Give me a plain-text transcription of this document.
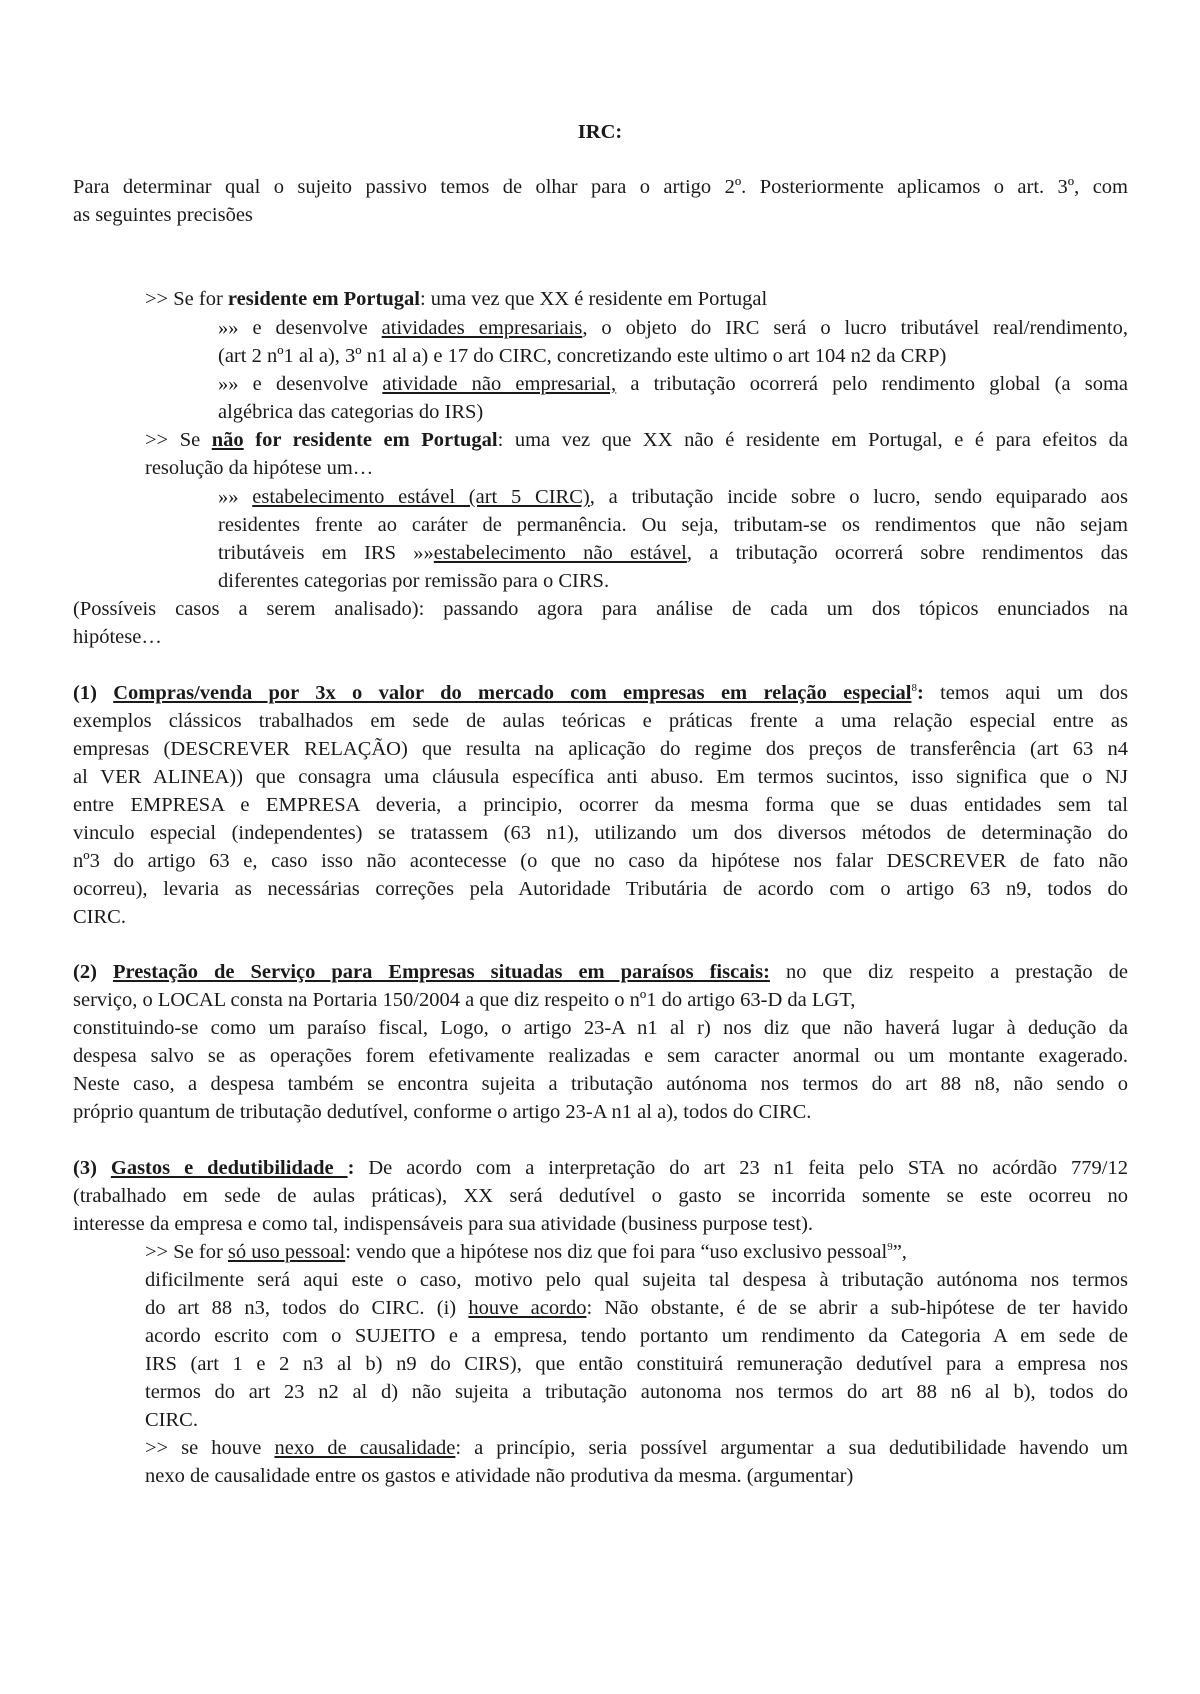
IRC:
Para determinar qual o sujeito passivo temos de olhar para o artigo 2º. Posteriormente aplicamos o art. 3º, com
as seguintes precisões
>> Se for residente em Portugal: uma vez que XX é residente em Portugal
»» e desenvolve atividades empresariais, o objeto do IRC será o lucro tributável real/rendimento,
(art 2 nº1 al a), 3º n1 al a) e 17 do CIRC, concretizando este ultimo o art 104 n2 da CRP)
»» e desenvolve atividade não empresarial, a tributação ocorrerá pelo rendimento global (a soma
algébrica das categorias do IRS)
>> Se não for residente em Portugal: uma vez que XX não é residente em Portugal, e é para efeitos da
resolução da hipótese um…
»» estabelecimento estável (art 5 CIRC), a tributação incide sobre o lucro, sendo equiparado aos
residentes frente ao caráter de permanência. Ou seja, tributam-se os rendimentos que não sejam
tributáveis em IRS »»estabelecimento não estável, a tributação ocorrerá sobre rendimentos das
diferentes categorias por remissão para o CIRS.
(Possíveis casos a serem analisado): passando agora para análise de cada um dos tópicos enunciados na
hipótese…
(1) Compras/venda por 3x o valor do mercado com empresas em relação especial$^8$: temos aqui um dos
exemplos clássicos trabalhados em sede de aulas teóricas e práticas frente a uma relação especial entre as
empresas (DESCREVER RELAÇÃO) que resulta na aplicação do regime dos preços de transferência (art 63 n4
al VER ALINEA)) que consagra uma cláusula específica anti abuso. Em termos sucintos, isso significa que o NJ
entre EMPRESA e EMPRESA deveria, a principio, ocorrer da mesma forma que se duas entidades sem tal
vinculo especial (independentes) se tratassem (63 n1), utilizando um dos diversos métodos de determinação do
nº3 do artigo 63 e, caso isso não acontecesse (o que no caso da hipótese nos falar DESCREVER de fato não
ocorreu), levaria as necessárias correções pela Autoridade Tributária de acordo com o artigo 63 n9, todos do
CIRC.
(2) Prestação de Serviço para Empresas situadas em paraísos fiscais: no que diz respeito a prestação de
serviço, o LOCAL consta na Portaria 150/2004 a que diz respeito o nº1 do artigo 63-D da LGT,
constituindo-se como um paraíso fiscal, Logo, o artigo 23-A n1 al r) nos diz que não haverá lugar à dedução da
despesa salvo se as operações forem efetivamente realizadas e sem caracter anormal ou um montante exagerado.
Neste caso, a despesa também se encontra sujeita a tributação autónoma nos termos do art 88 n8, não sendo o
próprio quantum de tributação dedutível, conforme o artigo 23-A n1 al a), todos do CIRC.
(3) Gastos e dedutibilidade : De acordo com a interpretação do art 23 n1 feita pelo STA no acórdão 779/12
(trabalhado em sede de aulas práticas), XX será dedutível o gasto se incorrida somente se este ocorreu no
interesse da empresa e como tal, indispensáveis para sua atividade (business purpose test).
>> Se for só uso pessoal: vendo que a hipótese nos diz que foi para “uso exclusivo pessoal$^9$”,
dificilmente será aqui este o caso, motivo pelo qual sujeita tal despesa à tributação autónoma nos termos
do art 88 n3, todos do CIRC. (i) houve acordo: Não obstante, é de se abrir a sub-hipótese de ter havido
acordo escrito com o SUJEITO e a empresa, tendo portanto um rendimento da Categoria A em sede de
IRS (art 1 e 2 n3 al b) n9 do CIRS), que então constituirá remuneração dedutível para a empresa nos
termos do art 23 n2 al d) não sujeita a tributação autonoma nos termos do art 88 n6 al b), todos do
CIRC.
>> se houve nexo de causalidade: a princípio, seria possível argumentar a sua dedutibilidade havendo um
nexo de causalidade entre os gastos e atividade não produtiva da mesma. (argumentar)
